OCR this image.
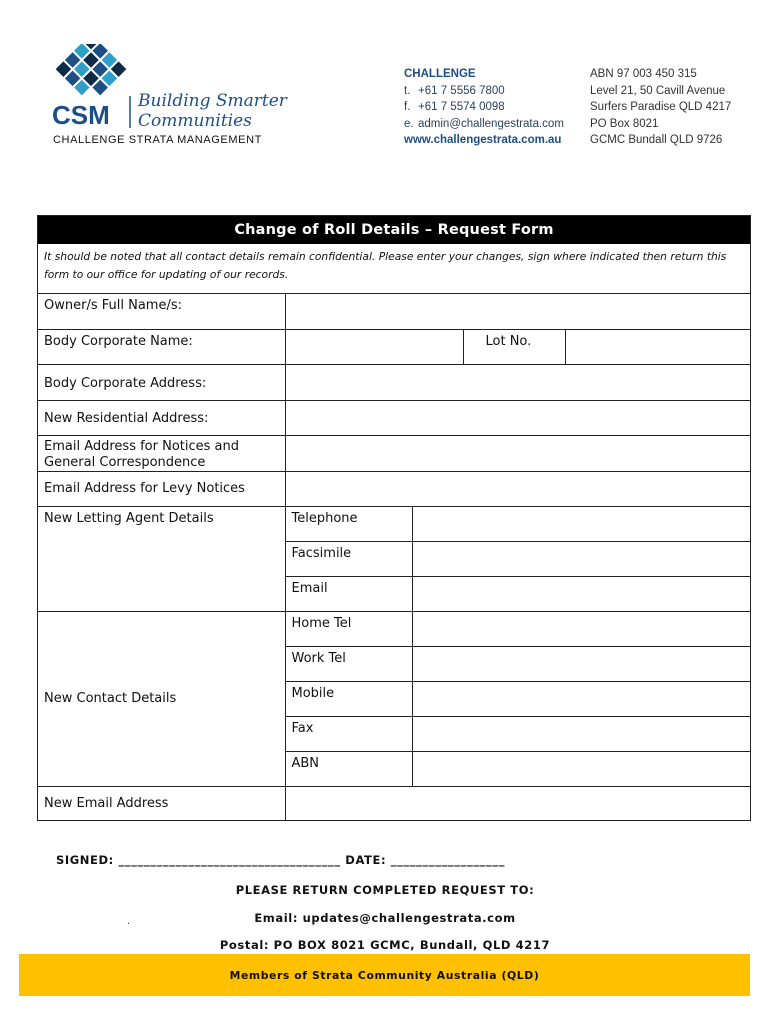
CSM Building Smarter
Communities
CHALLENGE STRATA MANAGEMENT
CHALLENGE
t. +61 7 5556 7800
f. +61 7 5574 0098
e. admin@challengestrata.com
www.challengestrata.com.au
ABN 97 003 450 315
Level 21, 50 Cavill Avenue
Surfers Paradise QLD 4217
PO Box 8021
GCMC Bundall QLD 9726
Change of Roll Details – Request Form
It should be noted that all contact details remain confidential. Please enter your changes, sign where indicated then return this form to our office for updating of our records.
Owner/s Full Name/s:				
Body Corporate Name:			Lot No.	
Body Corporate Address:				
New Residential Address:				
Email Address for Notices and General Correspondence				
Email Address for Levy Notices				
New Letting Agent Details	Telephone			
	Facsimile			
	Email			
New Contact Details	Home Tel			
	Work Tel			
	Mobile			
	Fax			
	ABN			
New Email Address				
SIGNED: ___________________________________ DATE: __________________
PLEASE RETURN COMPLETED REQUEST TO:
Email: updates@challengestrata.com
.
Postal: PO BOX 8021 GCMC, Bundall, QLD 4217
Members of Strata Community Australia (QLD)
